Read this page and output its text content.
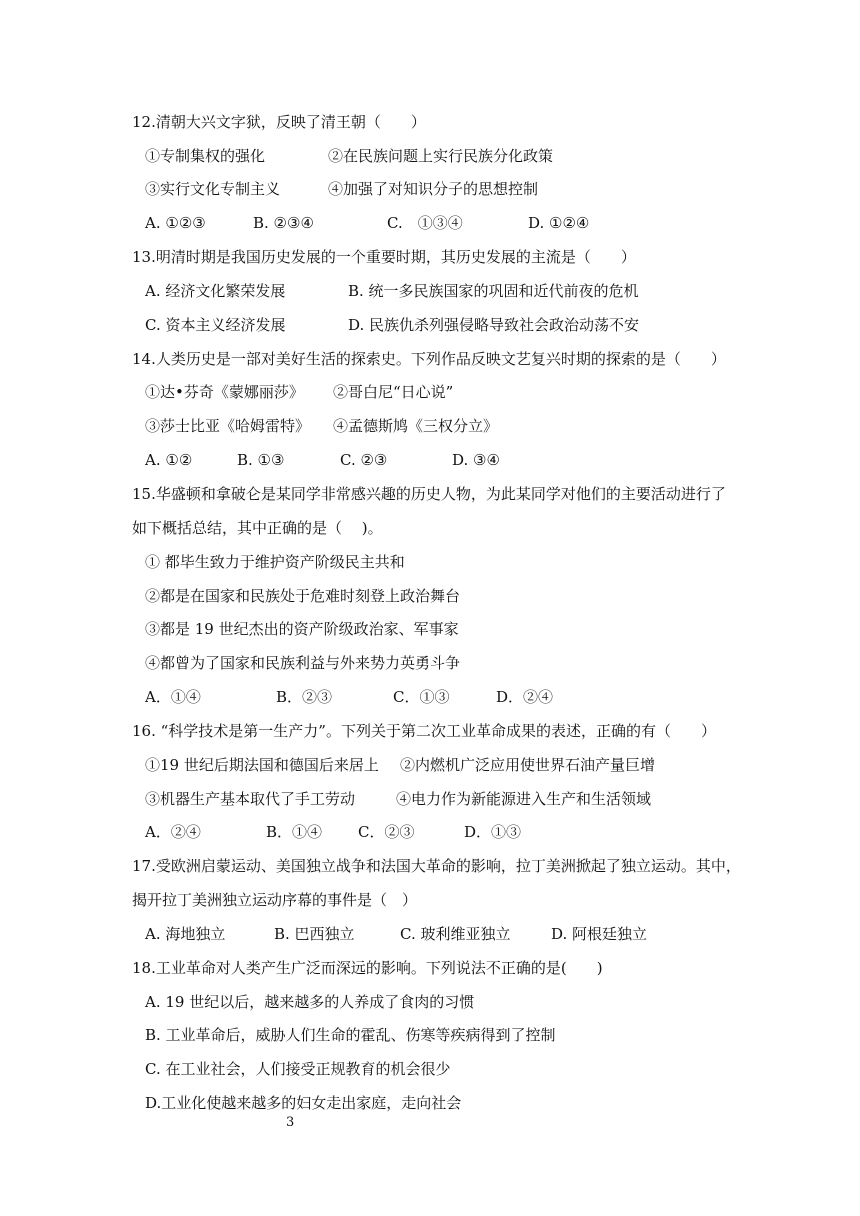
12.清朝大兴文字狱，反映了清王朝（　　）
①专制集权的强化	②在民族问题上实行民族分化政策
③实行文化专制主义	④加强了对知识分子的思想控制
A. ①②③	B. ②③④	C.　①③④	D. ①②④
13.明清时期是我国历史发展的一个重要时期，其历史发展的主流是（　　）
A. 经济文化繁荣发展	B. 统一多民族国家的巩固和近代前夜的危机
C. 资本主义经济发展	D. 民族仇杀列强侵略导致社会政治动荡不安
14.人类历史是一部对美好生活的探索史。下列作品反映文艺复兴时期的探索的是（　　）
①达•芬奇《蒙娜丽莎》 ②哥白尼“日心说”
③莎士比亚《哈姆雷特》 ④孟德斯鸠《三权分立》
A. ①②	B. ①③	C. ②③	D. ③④
15.华盛顿和拿破仑是某同学非常感兴趣的历史人物，为此某同学对他们的主要活动进行了
如下概括总结，其中正确的是（　 )。
① 都毕生致力于维护资产阶级民主共和
②都是在国家和民族处于危难时刻登上政治舞台
③都是 19 世纪杰出的资产阶级政治家、军事家
④都曾为了国家和民族利益与外来势力英勇斗争
A．①④	B．②③	C．①③	D．②④
16. “科学技术是第一生产力”。下列关于第二次工业革命成果的表述，正确的有（　　）
①19 世纪后期法国和德国后来居上 ②内燃机广泛应用使世界石油产量巨增
③机器生产基本取代了手工劳动	④电力作为新能源进入生产和生活领域
A．②④	B．①④ C．②③	D．①③
17.受欧洲启蒙运动、美国独立战争和法国大革命的影响，拉丁美洲掀起了独立运动。其中，
揭开拉丁美洲独立运动序幕的事件是（　）
A. 海地独立	B. 巴西独立	C. 玻利维亚独立	D. 阿根廷独立
18.工业革命对人类产生广泛而深远的影响。下列说法不正确的是(　　)
A. 19 世纪以后，越来越多的人养成了食肉的习惯
B. 工业革命后，威胁人们生命的霍乱、伤寒等疾病得到了控制
C. 在工业社会，人们接受正规教育的机会很少
D.工业化使越来越多的妇女走出家庭，走向社会
3
